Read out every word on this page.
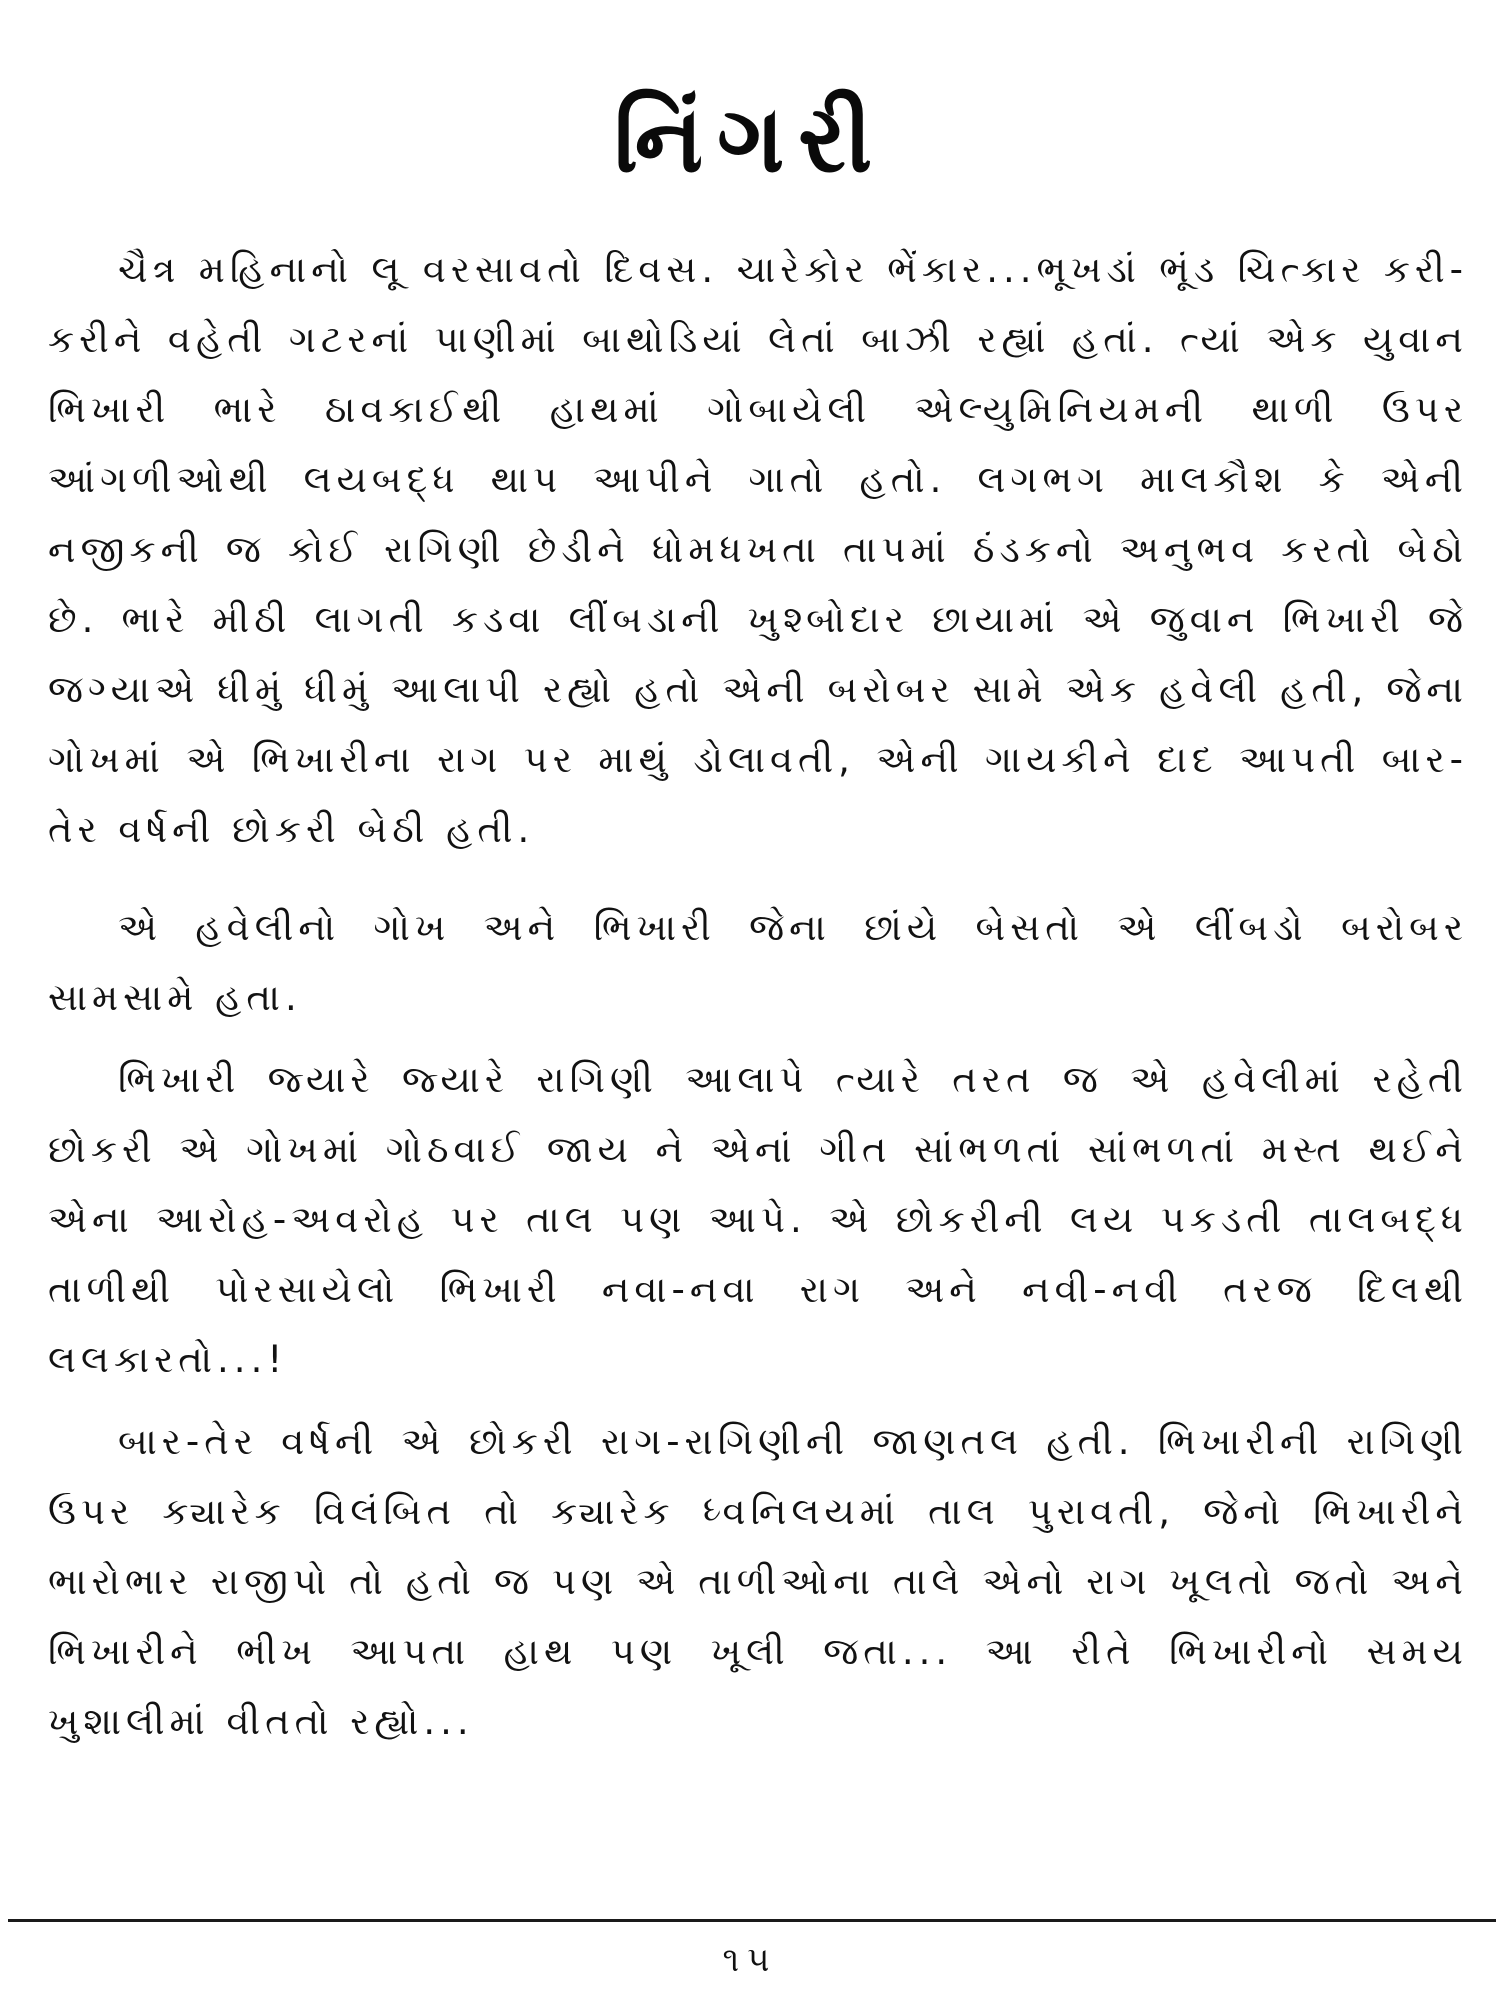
નિંગરી

ચૈત્ર મહિનાનો લૂ વરસાવતો દિવસ. ચારેકોર ભેંકાર...ભૂખડાં ભૂંડ ચિત્કાર કરી-કરીને વહેતી ગટરનાં પાણીમાં બાથોડિયાં લેતાં બાઝી રહ્યાં હતાં. ત્યાં એક યુવાન ભિખારી ભારે ઠાવકાઈથી હાથમાં ગોબાયેલી એલ્યુમિનિયમની થાળી ઉપર આંગળીઓથી લયબદ્ધ થાપ આપીને ગાતો હતો. લગભગ માલકૌશ કે એની નજીકની જ કોઈ રાગિણી છેડીને ધોમધખતા તાપમાં ઠંડકનો અનુભવ કરતો બેઠો છે. ભારે મીઠી લાગતી કડવા લીંબડાની ખુશ્બોદાર છાયામાં એ જુવાન ભિખારી જે જગ્યાએ ધીમું ધીમું આલાપી રહ્યો હતો એની બરોબર સામે એક હવેલી હતી, જેના ગોખમાં એ ભિખારીના રાગ પર માથું ડોલાવતી, એની ગાયકીને દાદ આપતી બાર-તેર વર્ષની છોકરી બેઠી હતી.

એ હવેલીનો ગોખ અને ભિખારી જેના છાંયે બેસતો એ લીંબડો બરોબર સામસામે હતા.

ભિખારી જ્યારે જ્યારે રાગિણી આલાપે ત્યારે તરત જ એ હવેલીમાં રહેતી છોકરી એ ગોખમાં ગોઠવાઈ જાય ને એનાં ગીત સાંભળતાં સાંભળતાં મસ્ત થઈને એના આરોહ-અવરોહ પર તાલ પણ આપે. એ છોકરીની લય પકડતી તાલબદ્ધ તાળીથી પોરસાયેલો ભિખારી નવા-નવા રાગ અને નવી-નવી તરજ દિલથી લલકારતો...!

બાર-તેર વર્ષની એ છોકરી રાગ-રાગિણીની જાણતલ હતી. ભિખારીની રાગિણી ઉપર ક્યારેક વિલંબિત તો ક્યારેક ધ્વનિલયમાં તાલ પુરાવતી, જેનો ભિખારીને ભારોભાર રાજીપો તો હતો જ પણ એ તાળીઓના તાલે એનો રાગ ખૂલતો જતો અને ભિખારીને ભીખ આપતા હાથ પણ ખૂલી જતા... આ રીતે ભિખારીનો સમય ખુશાલીમાં વીતતો રહ્યો...

૧૫
